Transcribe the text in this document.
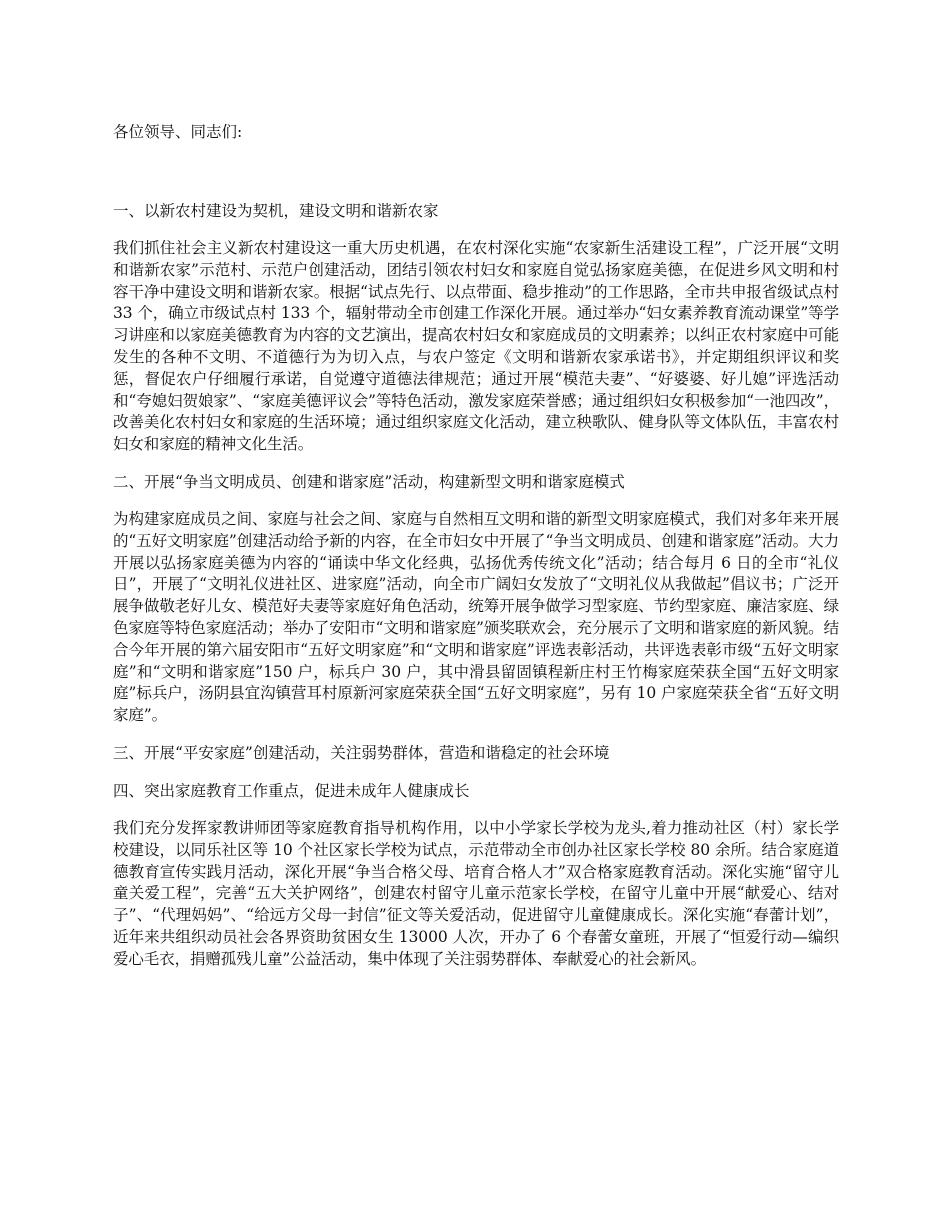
各位领导、同志们:

一、以新农村建设为契机，建设文明和谐新农家

我们抓住社会主义新农村建设这一重大历史机遇，在农村深化实施“农家新生活建设工程”，广泛开展“文明和谐新农家”示范村、示范户创建活动，团结引领农村妇女和家庭自觉弘扬家庭美德，在促进乡风文明和村容干净中建设文明和谐新农家。根据“试点先行、以点带面、稳步推动”的工作思路，全市共申报省级试点村 33 个，确立市级试点村 133 个，辐射带动全市创建工作深化开展。通过举办“妇女素养教育流动课堂”等学习讲座和以家庭美德教育为内容的文艺演出，提高农村妇女和家庭成员的文明素养；以纠正农村家庭中可能发生的各种不文明、不道德行为为切入点，与农户签定《文明和谐新农家承诺书》，并定期组织评议和奖惩，督促农户仔细履行承诺，自觉遵守道德法律规范；通过开展“模范夫妻”、“好婆婆、好儿媳”评选活动和“夸媳妇贺娘家”、“家庭美德评议会”等特色活动，激发家庭荣誉感；通过组织妇女积极参加“一池四改”，改善美化农村妇女和家庭的生活环境；通过组织家庭文化活动，建立秧歌队、健身队等文体队伍，丰富农村妇女和家庭的精神文化生活。

二、开展“争当文明成员、创建和谐家庭”活动，构建新型文明和谐家庭模式

为构建家庭成员之间、家庭与社会之间、家庭与自然相互文明和谐的新型文明家庭模式，我们对多年来开展的“五好文明家庭”创建活动给予新的内容，在全市妇女中开展了“争当文明成员、创建和谐家庭”活动。大力开展以弘扬家庭美德为内容的“诵读中华文化经典，弘扬优秀传统文化”活动；结合每月 6 日的全市“礼仪日”，开展了“文明礼仪进社区、进家庭”活动，向全市广阔妇女发放了“文明礼仪从我做起”倡议书；广泛开展争做敬老好儿女、模范好夫妻等家庭好角色活动，统筹开展争做学习型家庭、节约型家庭、廉洁家庭、绿色家庭等特色家庭活动；举办了安阳市“文明和谐家庭”颁奖联欢会，充分展示了文明和谐家庭的新风貌。结合今年开展的第六届安阳市“五好文明家庭”和“文明和谐家庭”评选表彰活动，共评选表彰市级“五好文明家庭”和“文明和谐家庭”150 户，标兵户 30 户，其中滑县留固镇程新庄村王竹梅家庭荣获全国“五好文明家庭”标兵户，汤阴县宜沟镇营耳村原新河家庭荣获全国“五好文明家庭”，另有 10 户家庭荣获全省“五好文明家庭”。

三、开展“平安家庭”创建活动，关注弱势群体，营造和谐稳定的社会环境

四、突出家庭教育工作重点，促进未成年人健康成长

我们充分发挥家教讲师团等家庭教育指导机构作用，以中小学家长学校为龙头,着力推动社区（村）家长学校建设，以同乐社区等 10 个社区家长学校为试点，示范带动全市创办社区家长学校 80 余所。结合家庭道德教育宣传实践月活动，深化开展“争当合格父母、培育合格人才”双合格家庭教育活动。深化实施“留守儿童关爱工程”，完善“五大关护网络”，创建农村留守儿童示范家长学校，在留守儿童中开展“献爱心、结对子”、“代理妈妈”、“给远方父母一封信”征文等关爱活动，促进留守儿童健康成长。深化实施“春蕾计划”，近年来共组织动员社会各界资助贫困女生 13000 人次，开办了 6 个春蕾女童班，开展了“恒爱行动—编织爱心毛衣，捐赠孤残儿童”公益活动，集中体现了关注弱势群体、奉献爱心的社会新风。
